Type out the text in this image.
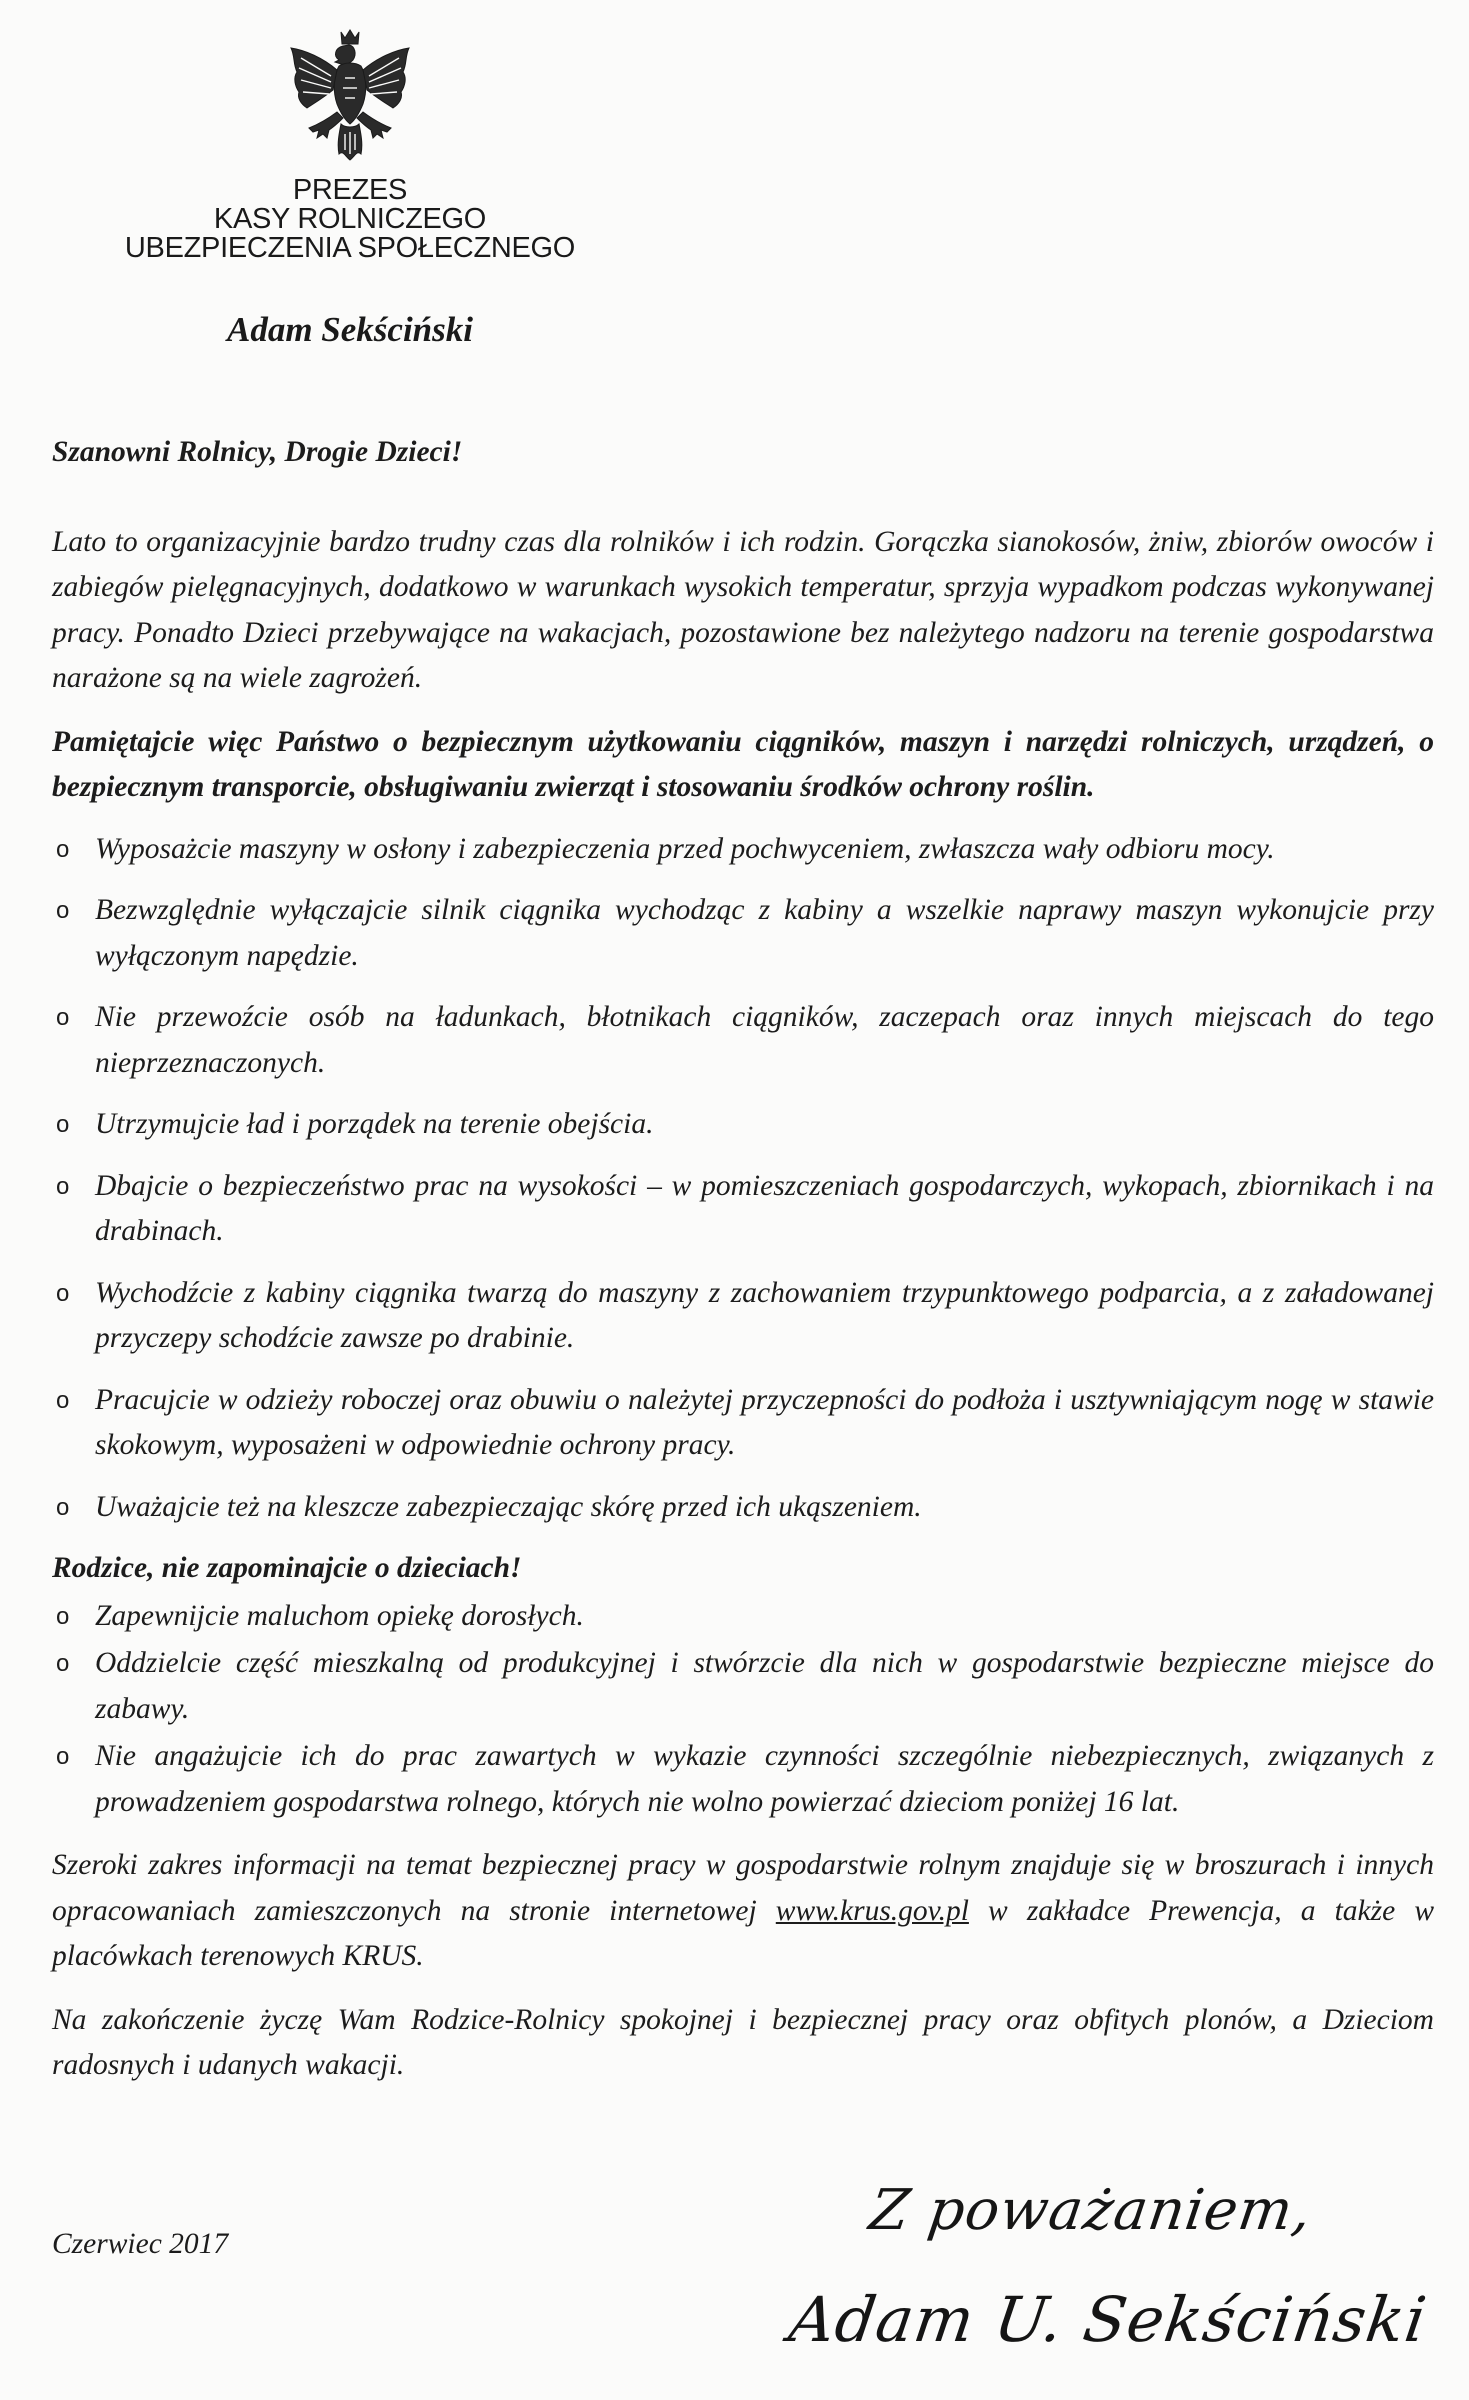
PREZES
KASY ROLNICZEGO
UBEZPIECZENIA SPOŁECZNEGO
Adam Sekściński

Szanowni Rolnicy, Drogie Dzieci!

Lato to organizacyjnie bardzo trudny czas dla rolników i ich rodzin. Gorączka sianokosów, żniw, zbiorów owoców i zabiegów pielęgnacyjnych, dodatkowo w warunkach wysokich temperatur, sprzyja wypadkom podczas wykonywanej pracy. Ponadto Dzieci przebywające na wakacjach, pozostawione bez należytego nadzoru na terenie gospodarstwa narażone są na wiele zagrożeń.

Pamiętajcie więc Państwo o bezpiecznym użytkowaniu ciągników, maszyn i narzędzi rolniczych, urządzeń, o bezpiecznym transporcie, obsługiwaniu zwierząt i stosowaniu środków ochrony roślin.

o Wyposażcie maszyny w osłony i zabezpieczenia przed pochwyceniem, zwłaszcza wały odbioru mocy.
o Bezwzględnie wyłączajcie silnik ciągnika wychodząc z kabiny a wszelkie naprawy maszyn wykonujcie przy wyłączonym napędzie.
o Nie przewoźcie osób na ładunkach, błotnikach ciągników, zaczepach oraz innych miejscach do tego nieprzeznaczonych.
o Utrzymujcie ład i porządek na terenie obejścia.
o Dbajcie o bezpieczeństwo prac na wysokości – w pomieszczeniach gospodarczych, wykopach, zbiornikach i na drabinach.
o Wychodźcie z kabiny ciągnika twarzą do maszyny z zachowaniem trzypunktowego podparcia, a z załadowanej przyczepy schodźcie zawsze po drabinie.
o Pracujcie w odzieży roboczej oraz obuwiu o należytej przyczepności do podłoża i usztywniającym nogę w stawie skokowym, wyposażeni w odpowiednie ochrony pracy.
o Uważajcie też na kleszcze zabezpieczając skórę przed ich ukąszeniem.

Rodzice, nie zapominajcie o dzieciach!

o Zapewnijcie maluchom opiekę dorosłych.
o Oddzielcie część mieszkalną od produkcyjnej i stwórzcie dla nich w gospodarstwie bezpieczne miejsce do zabawy.
o Nie angażujcie ich do prac zawartych w wykazie czynności szczególnie niebezpiecznych, związanych z prowadzeniem gospodarstwa rolnego, których nie wolno powierzać dzieciom poniżej 16 lat.

Szeroki zakres informacji na temat bezpiecznej pracy w gospodarstwie rolnym znajduje się w broszurach i innych opracowaniach zamieszczonych na stronie internetowej www.krus.gov.pl w zakładce Prewencja, a także w placówkach terenowych KRUS.

Na zakończenie życzę Wam Rodzice-Rolnicy spokojnej i bezpiecznej pracy oraz obfitych plonów, a Dzieciom radosnych i udanych wakacji.

Czerwiec 2017
Z poważaniem,
Adam U. Sekściński
